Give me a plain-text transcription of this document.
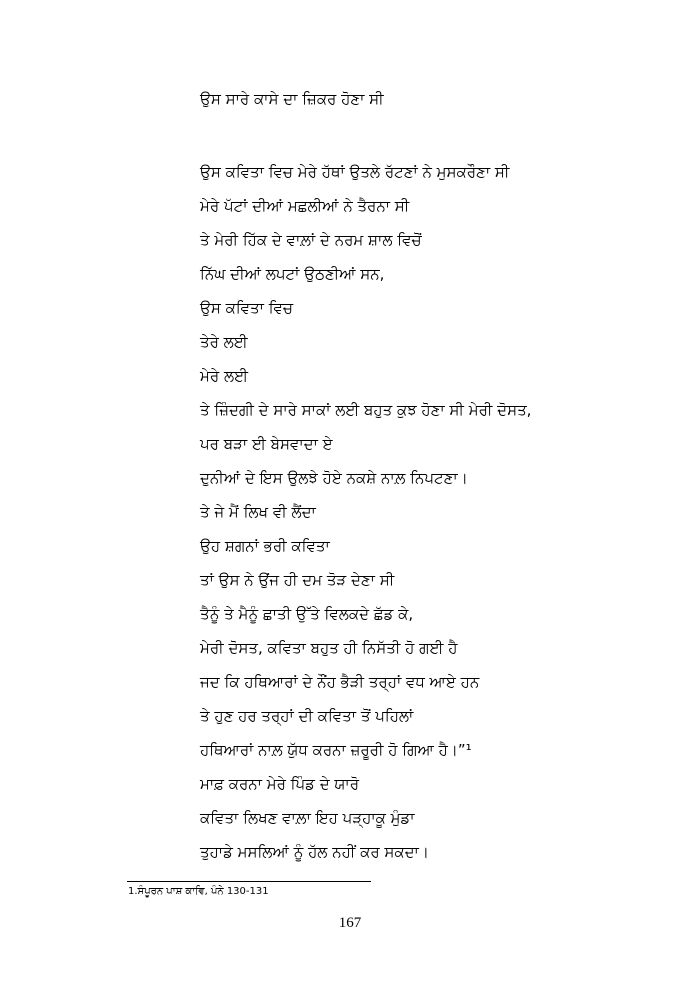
ਉਸ ਸਾਰੇ ਕਾਸੇ ਦਾ ਜ਼ਿਕਰ ਹੋਣਾ ਸੀ
ਉਸ ਕਵਿਤਾ ਵਿਚ ਮੇਰੇ ਹੱਥਾਂ ਉਤਲੇ ਰੱਟਣਾਂ ਨੇ ਮੁਸਕਰੌਣਾ ਸੀ
ਮੇਰੇ ਪੱਟਾਂ ਦੀਆਂ ਮਛਲੀਆਂ ਨੇ ਤੈਰਨਾ ਸੀ
ਤੇ ਮੇਰੀ ਹਿੱਕ ਦੇ ਵਾਲ਼ਾਂ ਦੇ ਨਰਮ ਸ਼ਾਲ ਵਿਚੋਂ
ਨਿੱਘ ਦੀਆਂ ਲਪਟਾਂ ਉਠਣੀਆਂ ਸਨ,
ਉਸ ਕਵਿਤਾ ਵਿਚ
ਤੇਰੇ ਲਈ
ਮੇਰੇ ਲਈ
ਤੇ ਜ਼ਿੰਦਗੀ ਦੇ ਸਾਰੇ ਸਾਕਾਂ ਲਈ ਬਹੁਤ ਕੁਝ ਹੋਣਾ ਸੀ ਮੇਰੀ ਦੋਸਤ,
ਪਰ ਬੜਾ ਈ ਬੇਸਵਾਦਾ ਏ
ਦੁਨੀਆਂ ਦੇ ਇਸ ਉਲਝੇ ਹੋਏ ਨਕਸ਼ੇ ਨਾਲ਼ ਨਿਪਟਣਾ।
ਤੇ ਜੇ ਮੈਂ ਲਿਖ ਵੀ ਲੈਂਦਾ
ਉਹ ਸ਼ਗਨਾਂ ਭਰੀ ਕਵਿਤਾ
ਤਾਂ ਉਸ ਨੇ ਉਂਜ ਹੀ ਦਮ ਤੋੜ ਦੇਣਾ ਸੀ
ਤੈਨੂੰ ਤੇ ਮੈਨੂੰ ਛਾਤੀ ਉੱਤੇ ਵਿਲਕਦੇ ਛੱਡ ਕੇ,
ਮੇਰੀ ਦੋਸਤ, ਕਵਿਤਾ ਬਹੁਤ ਹੀ ਨਿਸੱਤੀ ਹੋ ਗਈ ਹੈ
ਜਦ ਕਿ ਹਥਿਆਰਾਂ ਦੇ ਨੌਂਹ ਭੈੜੀ ਤਰ੍ਹਾਂ ਵਧ ਆਏ ਹਨ
ਤੇ ਹੁਣ ਹਰ ਤਰ੍ਹਾਂ ਦੀ ਕਵਿਤਾ ਤੋਂ ਪਹਿਲਾਂ
ਹਥਿਆਰਾਂ ਨਾਲ਼ ਯੁੱਧ ਕਰਨਾ ਜ਼ਰੂਰੀ ਹੋ ਗਿਆ ਹੈ।”¹
ਮਾਫ਼ ਕਰਨਾ ਮੇਰੇ ਪਿੰਡ ਦੇ ਯਾਰੋ
ਕਵਿਤਾ ਲਿਖਣ ਵਾਲ਼ਾ ਇਹ ਪੜ੍ਹਾਕੂ ਮੁੰਡਾ
ਤੁਹਾਡੇ ਮਸਲਿਆਂ ਨੂੰ ਹੱਲ ਨਹੀਂ ਕਰ ਸਕਦਾ।
1.ਸੰਪੂਰਨ ਪਾਸ਼ ਕਾਵਿ, ਪੰਨੇ 130-131
167
